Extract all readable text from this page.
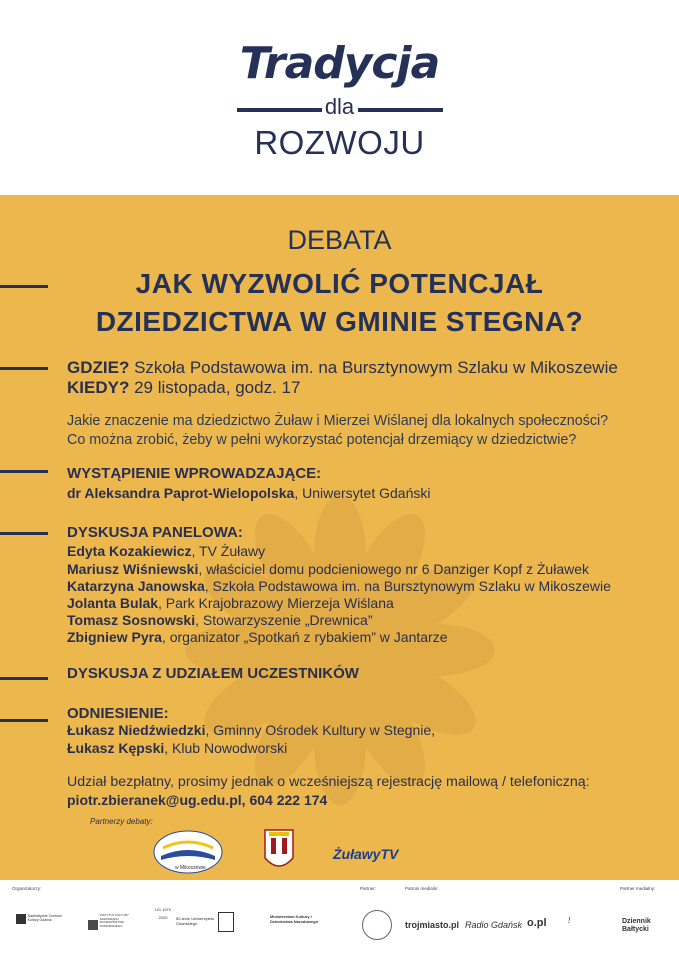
Tradycja
dla
ROZWOJU
DEBATA
JAK WYZWOLIĆ POTENCJAŁ
DZIEDZICTWA W GMINIE STEGNA?
GDZIE? Szkoła Podstawowa im. na Bursztynowym Szlaku w Mikoszewie
KIEDY? 29 listopada, godz. 17
Jakie znaczenie ma dziedzictwo Żuław i Mierzei Wiślanej dla lokalnych społeczności?
Co można zrobić, żeby w pełni wykorzystać potencjał drzemiący w dziedzictwie?
WYSTĄPIENIE WPROWADZAJĄCE:
dr Aleksandra Paprot-Wielopolska, Uniwersytet Gdański
DYSKUSJA PANELOWA:
Edyta Kozakiewicz, TV Żuławy
Mariusz Wiśniewski, właściciel domu podcieniowego nr 6 Danziger Kopf z Żuławek
Katarzyna Janowska, Szkoła Podstawowa im. na Bursztynowym Szlaku w Mikoszewie
Jolanta Bulak, Park Krajobrazowy Mierzeja Wiślana
Tomasz Sosnowski, Stowarzyszenie „Drewnica”
Zbigniew Pyra, organizator „Spotkań z rybakiem” w Jantarze
DYSKUSJA Z UDZIAŁEM UCZESTNIKÓW
ODNIESIENIE:
Łukasz Niedźwiedzki, Gminny Ośrodek Kultury w Stegnie,
Łukasz Kępski, Klub Nowodworski
Udział bezpłatny, prosimy jednak o wcześniejszą rejestrację mailową / telefoniczną:
piotr.zbieranek@ug.edu.pl, 604 222 174
Partnerzy debaty:
w Mikoszewie
ŻuławyTV
Organizatorzy:	Partner:	Patroni medialni:	Partner medialny:
Nadbałtyckie Centrum Kultury Gdańsk
INSTYTUT KULTURY SAMORZĄDU WOJEWÓDZTWA POMORSKIEGO
UG 1970 2020	50-lecie Uniwersytetu Gdańskiego
Ministerstwo Kultury i Dziedzictwa Narodowego	trojmiasto.pl Radio Gdańsk o.pl	!	Dziennik Bałtycki
